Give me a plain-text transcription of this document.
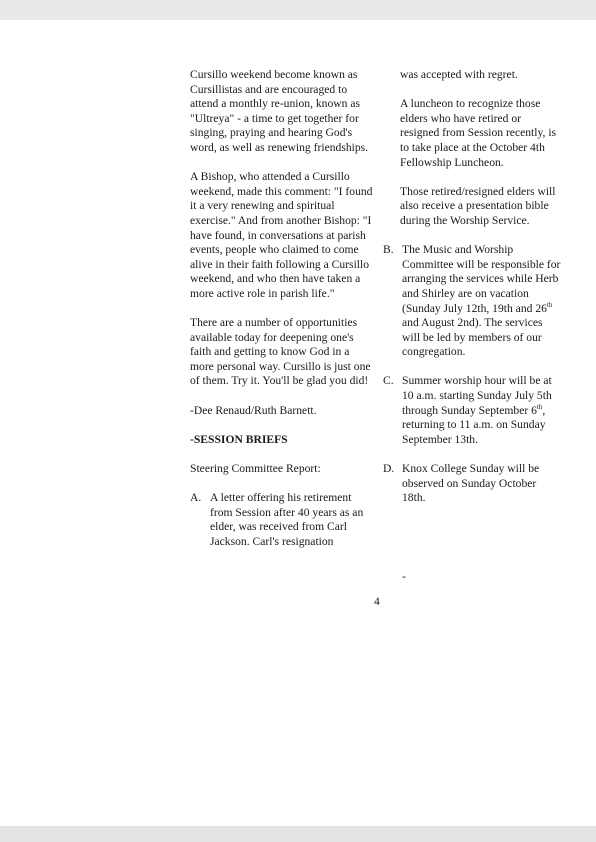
Cursillo weekend become known as Cursillistas and are encouraged to attend a monthly re-union, known as "Ultreya" - a time to get together for singing, praying and hearing God's word, as well as renewing friendships.

A Bishop, who attended a Cursillo weekend, made this comment: "I found it a very renewing and spiritual exercise." And from another Bishop: "I have found, in conversations at parish events, people who claimed to come alive in their faith following a Cursillo weekend, and who then have taken a more active role in parish life."

There are a number of opportunities available today for deepening one's faith and getting to know God in a more personal way. Cursillo is just one of them. Try it. You'll be glad you did!

-Dee Renaud/Ruth Barnett.

-SESSION BRIEFS

Steering Committee Report:

A. A letter offering his retirement from Session after 40 years as an elder, was received from Carl Jackson. Carl's resignation

was accepted with regret.

A luncheon to recognize those elders who have retired or resigned from Session recently, is to take place at the October 4th Fellowship Luncheon.

Those retired/resigned elders will also receive a presentation bible during the Worship Service.

B. The Music and Worship Committee will be responsible for arranging the services while Herb and Shirley are on vacation (Sunday July 12th, 19th and 26th and August 2nd). The services will be led by members of our congregation.
C. Summer worship hour will be at 10 a.m. starting Sunday July 5th through Sunday September 6th, returning to 11 a.m. on Sunday September 13th.
D. Knox College Sunday will be observed on Sunday October 18th.
-
4
